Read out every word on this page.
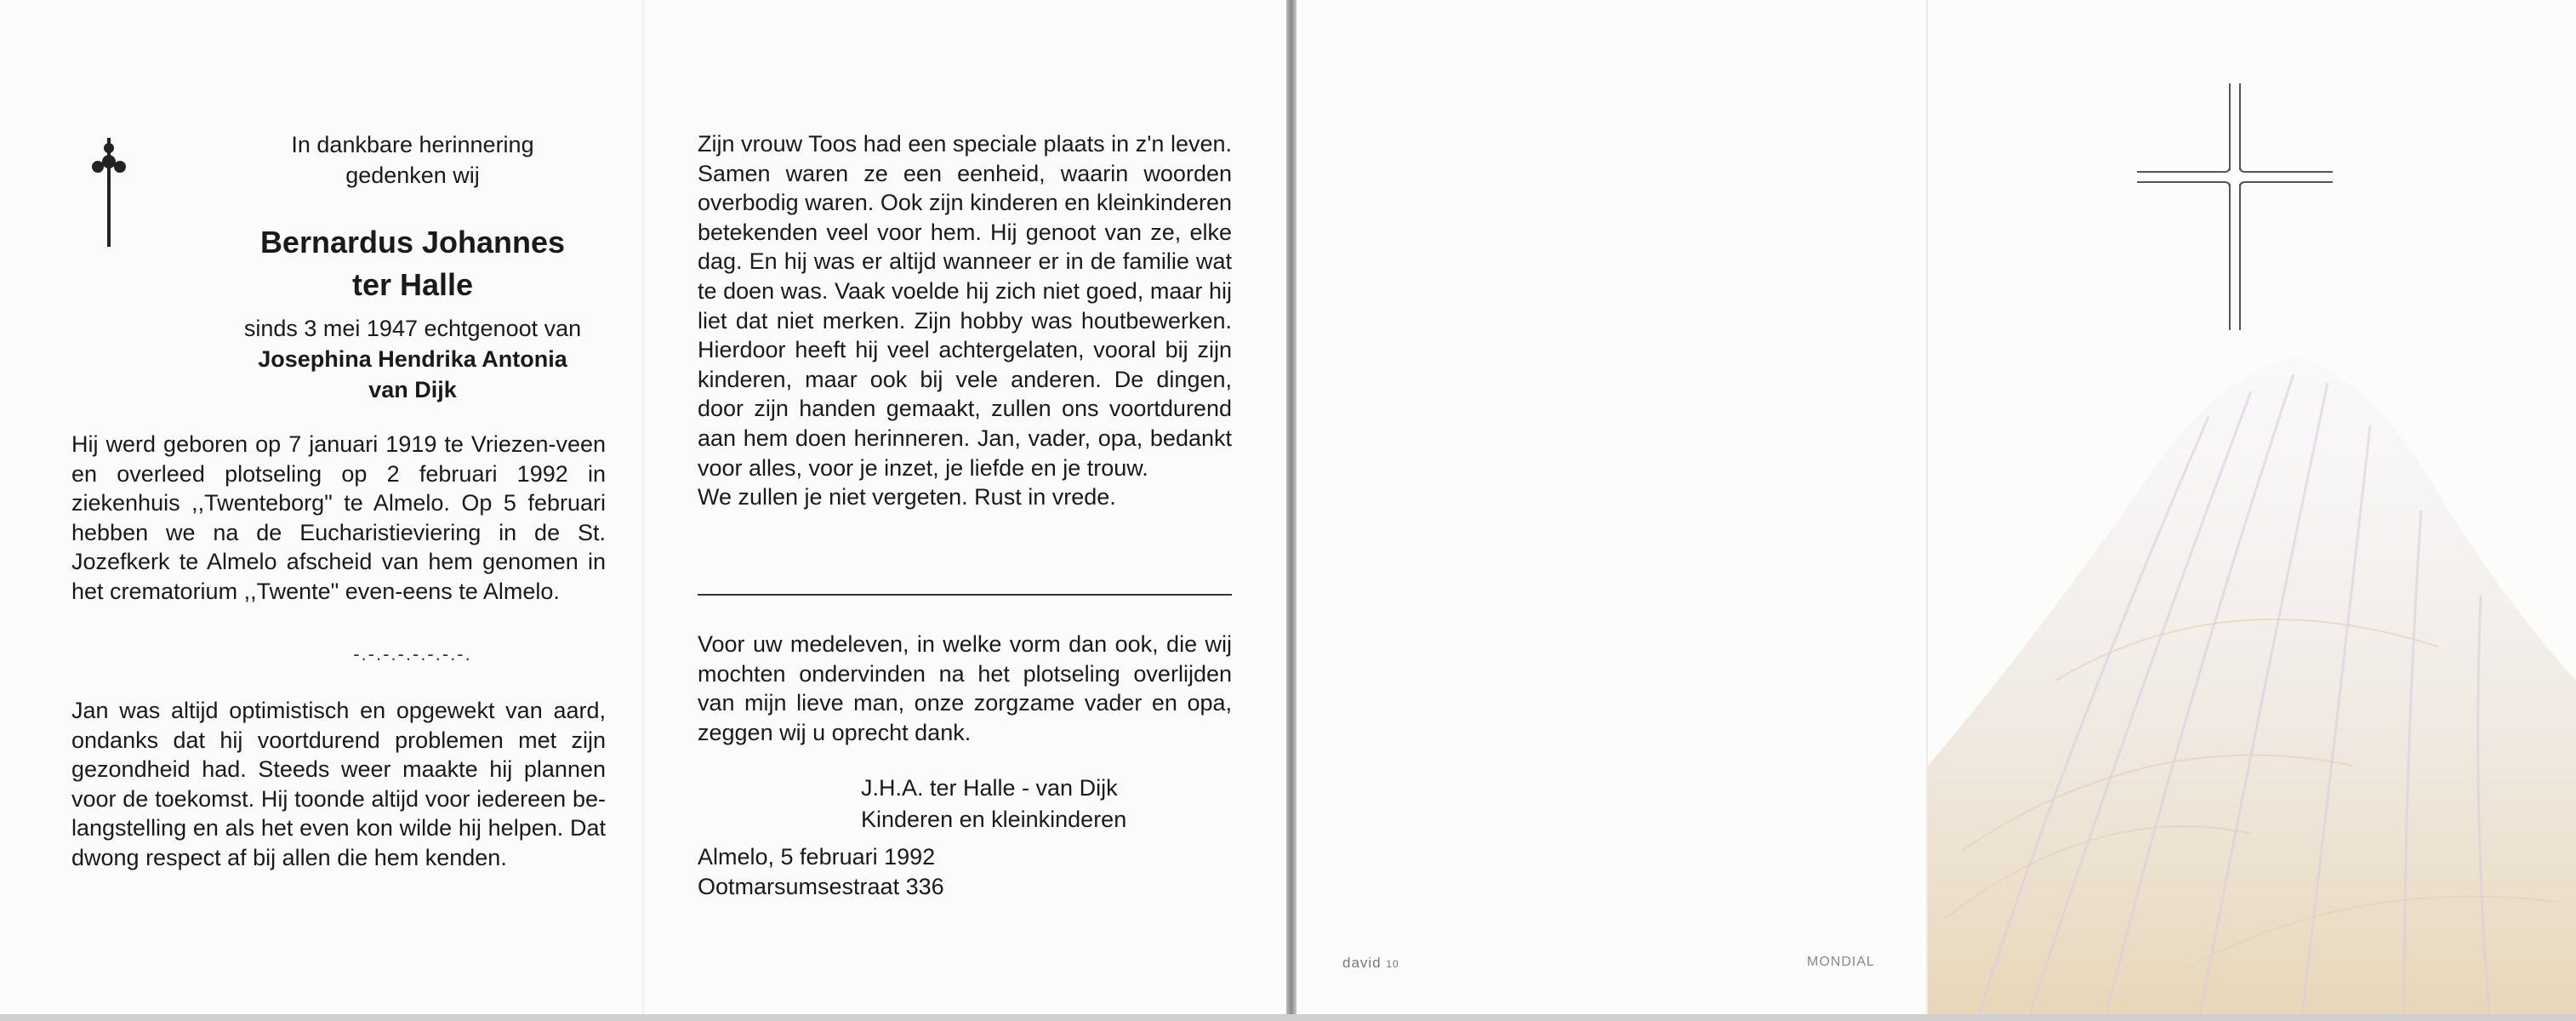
In dankbare herinnering
gedenken wij
Bernardus Johannes
ter Halle
sinds 3 mei 1947 echtgenoot van
Josephina Hendrika Antonia
van Dijk
Hij werd geboren op 7 januari 1919 te Vriezen-veen en overleed plotseling op 2 februari 1992 in ziekenhuis ,,Twenteborg" te Almelo. Op 5 februari hebben we na de Eucharistieviering in de St. Jozefkerk te Almelo afscheid van hem genomen in het crematorium ,,Twente" even-eens te Almelo.
-.-.-.-.-.-.-.-.
Jan was altijd optimistisch en opgewekt van aard, ondanks dat hij voortdurend problemen met zijn gezondheid had. Steeds weer maakte hij plannen voor de toekomst. Hij toonde altijd voor iedereen be-langstelling en als het even kon wilde hij helpen. Dat dwong respect af bij allen die hem kenden.
Zijn vrouw Toos had een speciale plaats in z'n leven. Samen waren ze een eenheid, waarin woorden overbodig waren. Ook zijn kinderen en kleinkinderen betekenden veel voor hem. Hij genoot van ze, elke dag. En hij was er altijd wanneer er in de familie wat te doen was. Vaak voelde hij zich niet goed, maar hij liet dat niet merken. Zijn hobby was houtbewerken. Hierdoor heeft hij veel achtergelaten, vooral bij zijn kinderen, maar ook bij vele anderen. De dingen, door zijn handen gemaakt, zullen ons voortdurend aan hem doen herinneren. Jan, vader, opa, bedankt voor alles, voor je inzet, je liefde en je trouw.
We zullen je niet vergeten. Rust in vrede.
Voor uw medeleven, in welke vorm dan ook, die wij mochten ondervinden na het plotseling overlijden van mijn lieve man, onze zorgzame vader en opa, zeggen wij u oprecht dank.
J.H.A. ter Halle - van Dijk
Kinderen en kleinkinderen
Almelo, 5 februari 1992
Ootmarsumsestraat 336
david 10	MONDIAL
